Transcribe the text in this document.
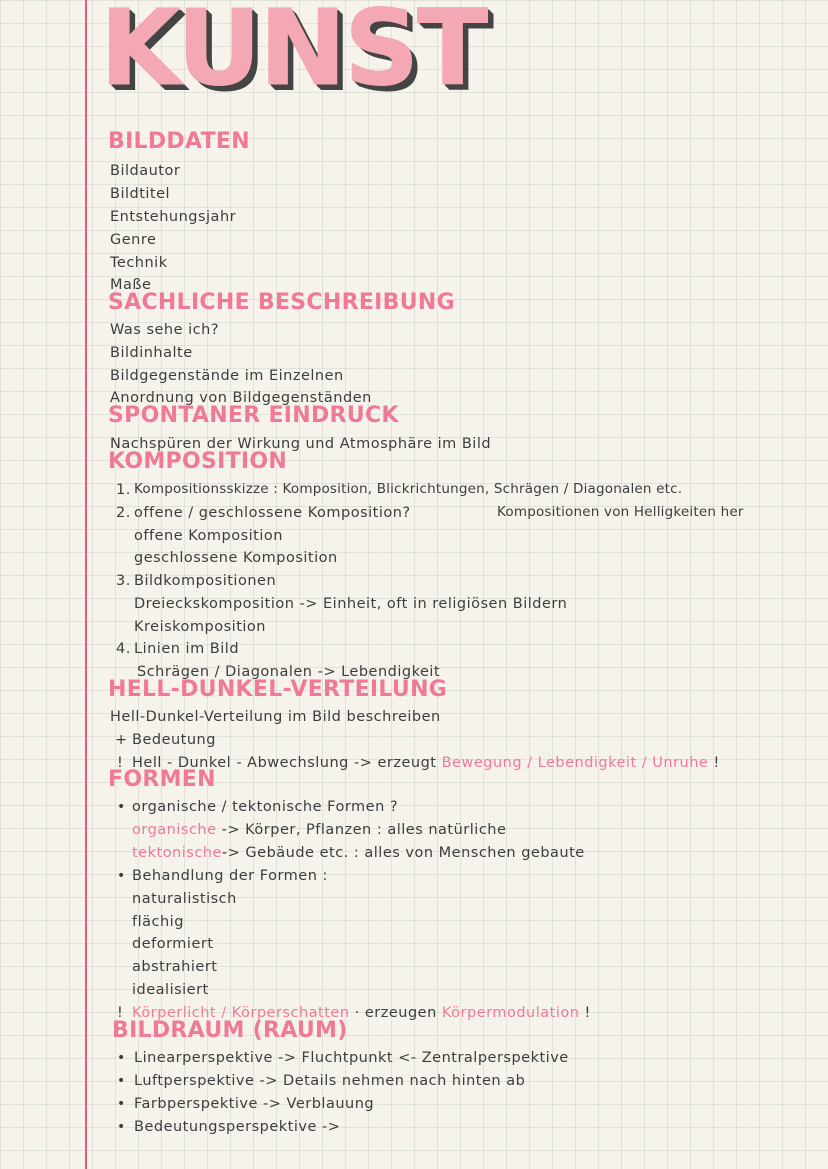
KUNST
BILDDATEN
Bildautor
Bildtitel
Entstehungsjahr
Genre
Technik
Maße
SACHLICHE BESCHREIBUNG
Was sehe ich?
Bildinhalte
Bildgegenstände im Einzelnen
Anordnung von Bildgegenständen
SPONTANER EINDRUCK
Nachspüren der Wirkung und Atmosphäre im Bild
KOMPOSITION
1. Kompositionsskizze : Komposition, Blickrichtungen, Schrägen / Diagonalen etc.
2. offene / geschlossene Komposition?	Kompositionen von Helligkeiten her
offene Komposition
geschlossene Komposition
3. Bildkompositionen
Dreieckskomposition -> Einheit, oft in religiösen Bildern
Kreiskomposition
4. Linien im Bild
Schrägen / Diagonalen -> Lebendigkeit
HELL-DUNKEL-VERTEILUNG
Hell-Dunkel-Verteilung im Bild beschreiben
+ Bedeutung
! Hell - Dunkel - Abwechslung -> erzeugt Bewegung / Lebendigkeit / Unruhe !
FORMEN
• organische / tektonische Formen ?
organische -> Körper, Pflanzen : alles natürliche
tektonische-> Gebäude etc. : alles von Menschen gebaute
• Behandlung der Formen :
naturalistisch
flächig
deformiert
abstrahiert
idealisiert
! Körperlicht / Körperschatten · erzeugen Körpermodulation !
BILDRAUM (RAUM)
• Linearperspektive -> Fluchtpunkt <- Zentralperspektive
• Luftperspektive -> Details nehmen nach hinten ab
• Farbperspektive -> Verblauung
• Bedeutungsperspektive ->
